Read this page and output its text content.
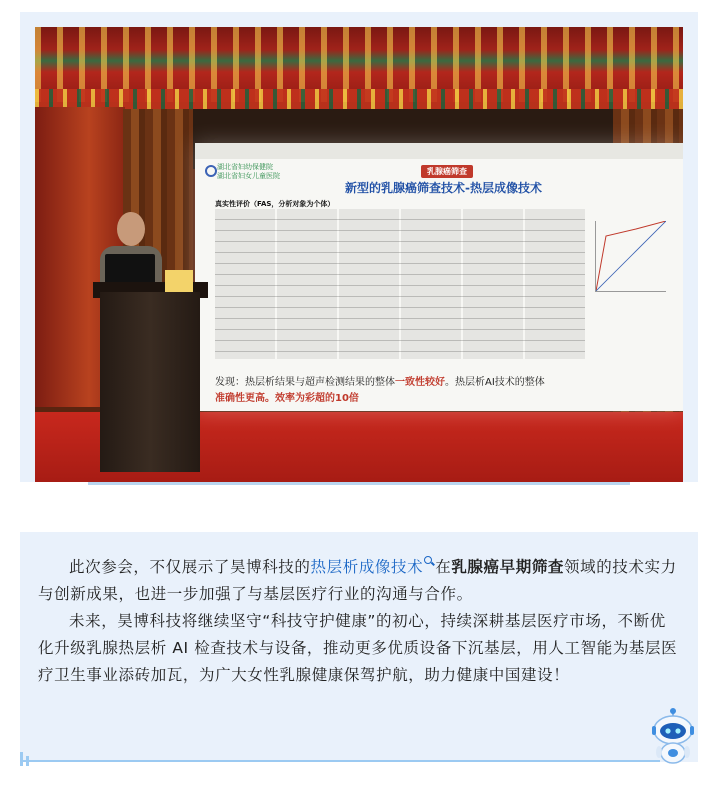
湖北省妇幼保健院
湖北省妇女儿童医院	乳腺癌筛查
新型的乳腺癌筛查技术-热层成像技术
真实性评价（FAS，分析对象为个体）
发现：热层析结果与超声检测结果的整体一致性较好。热层析AI技术的整体
准确性更高。效率为彩超的10倍

此次参会，不仅展示了昊博科技的热层析成像技术 在乳腺癌早期筛查领域的技术实力与创新成果，也进一步加强了与基层医疗行业的沟通与合作。

未来，昊博科技将继续坚守“科技守护健康”的初心，持续深耕基层医疗市场，不断优化升级乳腺热层析 AI 检查技术与设备，推动更多优质设备下沉基层，用人工智能为基层医疗卫生事业添砖加瓦，为广大女性乳腺健康保驾护航，助力健康中国建设！
